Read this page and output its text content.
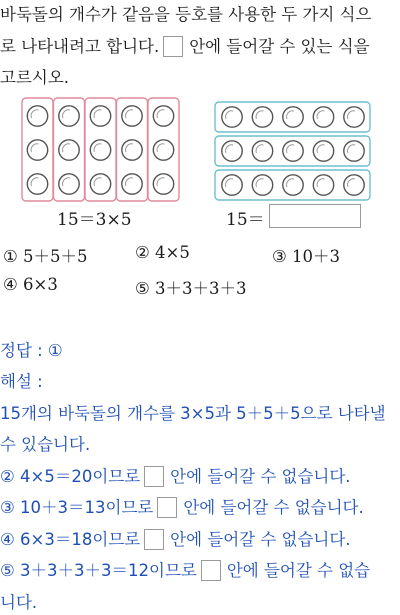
바둑돌의 개수가 같음을 등호를 사용한 두 가지 식으
로 나타내려고 합니다. 안에 들어갈 수 있는 식을
고르시오.
15＝3×5	15＝
① 5＋5＋5	② 4×5	③ 10＋3
④ 6×3	⑤ 3＋3＋3＋3
정답 : ①
해설 :
15개의 바둑돌의 개수를 3×5과 5＋5＋5으로 나타낼
수 있습니다.
② 4×5＝20이므로 안에 들어갈 수 없습니다.
③ 10＋3＝13이므로 안에 들어갈 수 없습니다.
④ 6×3＝18이므로 안에 들어갈 수 없습니다.
⑤ 3＋3＋3＋3＝12이므로 안에 들어갈 수 없습
니다.
